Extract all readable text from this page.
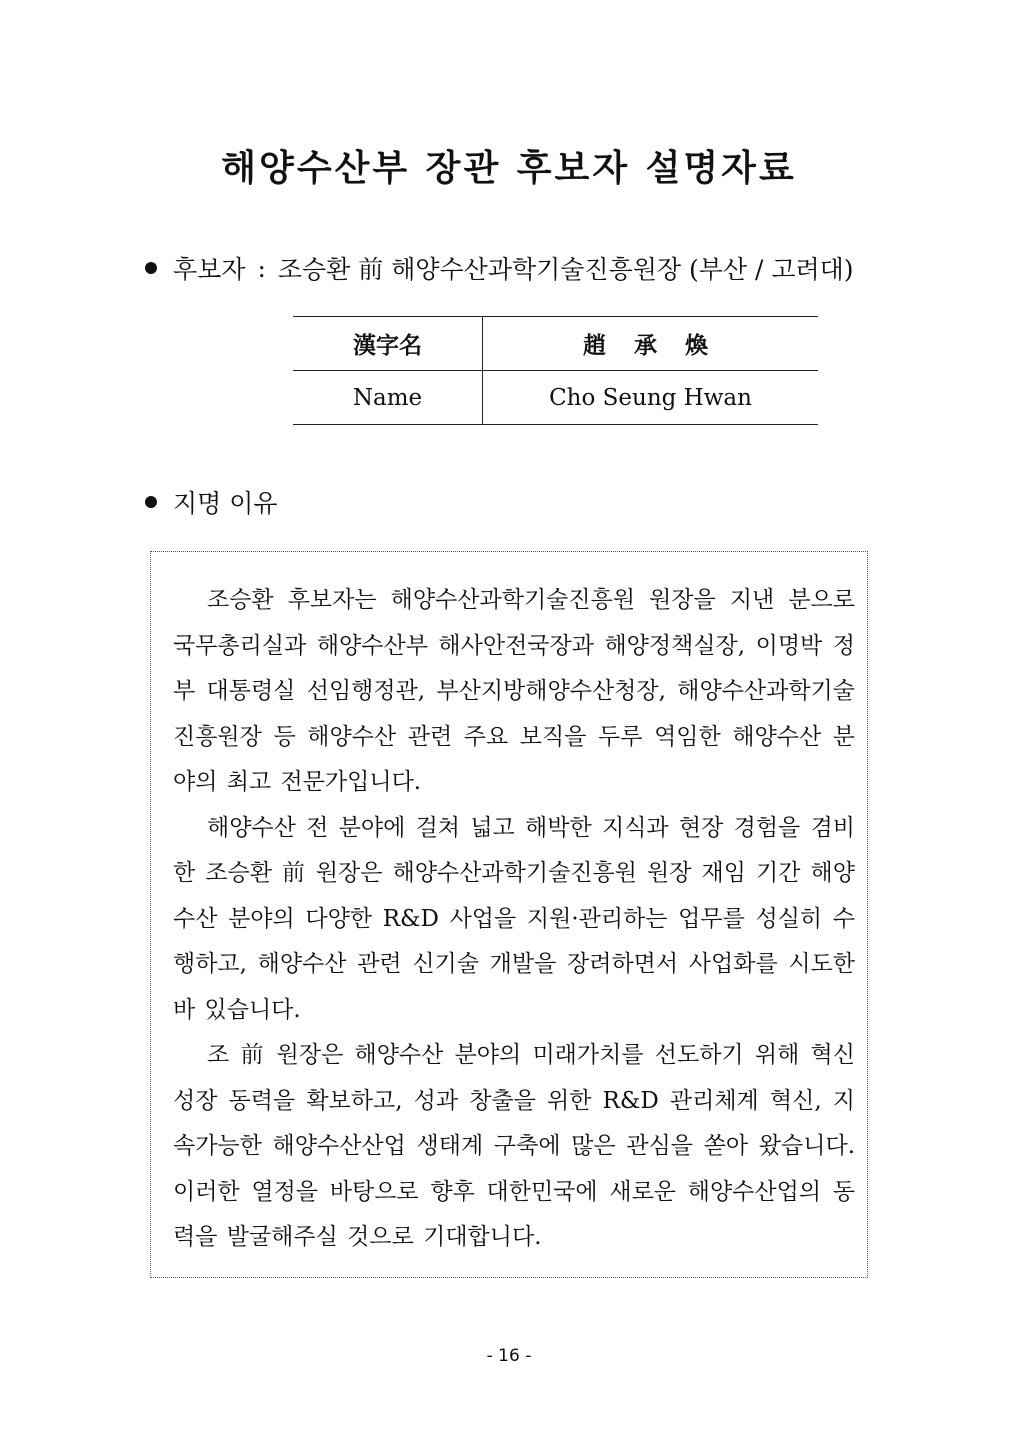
해양수산부 장관 후보자 설명자료
후보자 : 조승환 前 해양수산과학기술진흥원장 (부산 / 고려대)
漢字名	趙 承 煥
Name	Cho Seung Hwan
지명 이유

조승환 후보자는 해양수산과학기술진흥원 원장을 지낸 분으로 국무총리실과 해양수산부 해사안전국장과 해양정책실장, 이명박 정부 대통령실 선임행정관, 부산지방해양수산청장, 해양수산과학기술진흥원장 등 해양수산 관련 주요 보직을 두루 역임한 해양수산 분야의 최고 전문가입니다.

해양수산 전 분야에 걸쳐 넓고 해박한 지식과 현장 경험을 겸비한 조승환 前 원장은 해양수산과학기술진흥원 원장 재임 기간 해양수산 분야의 다양한 R&D 사업을 지원·관리하는 업무를 성실히 수행하고, 해양수산 관련 신기술 개발을 장려하면서 사업화를 시도한 바 있습니다.

조 前 원장은 해양수산 분야의 미래가치를 선도하기 위해 혁신성장 동력을 확보하고, 성과 창출을 위한 R&D 관리체계 혁신, 지속가능한 해양수산산업 생태계 구축에 많은 관심을 쏟아 왔습니다. 이러한 열정을 바탕으로 향후 대한민국에 새로운 해양수산업의 동력을 발굴해주실 것으로 기대합니다.

- 16 -
